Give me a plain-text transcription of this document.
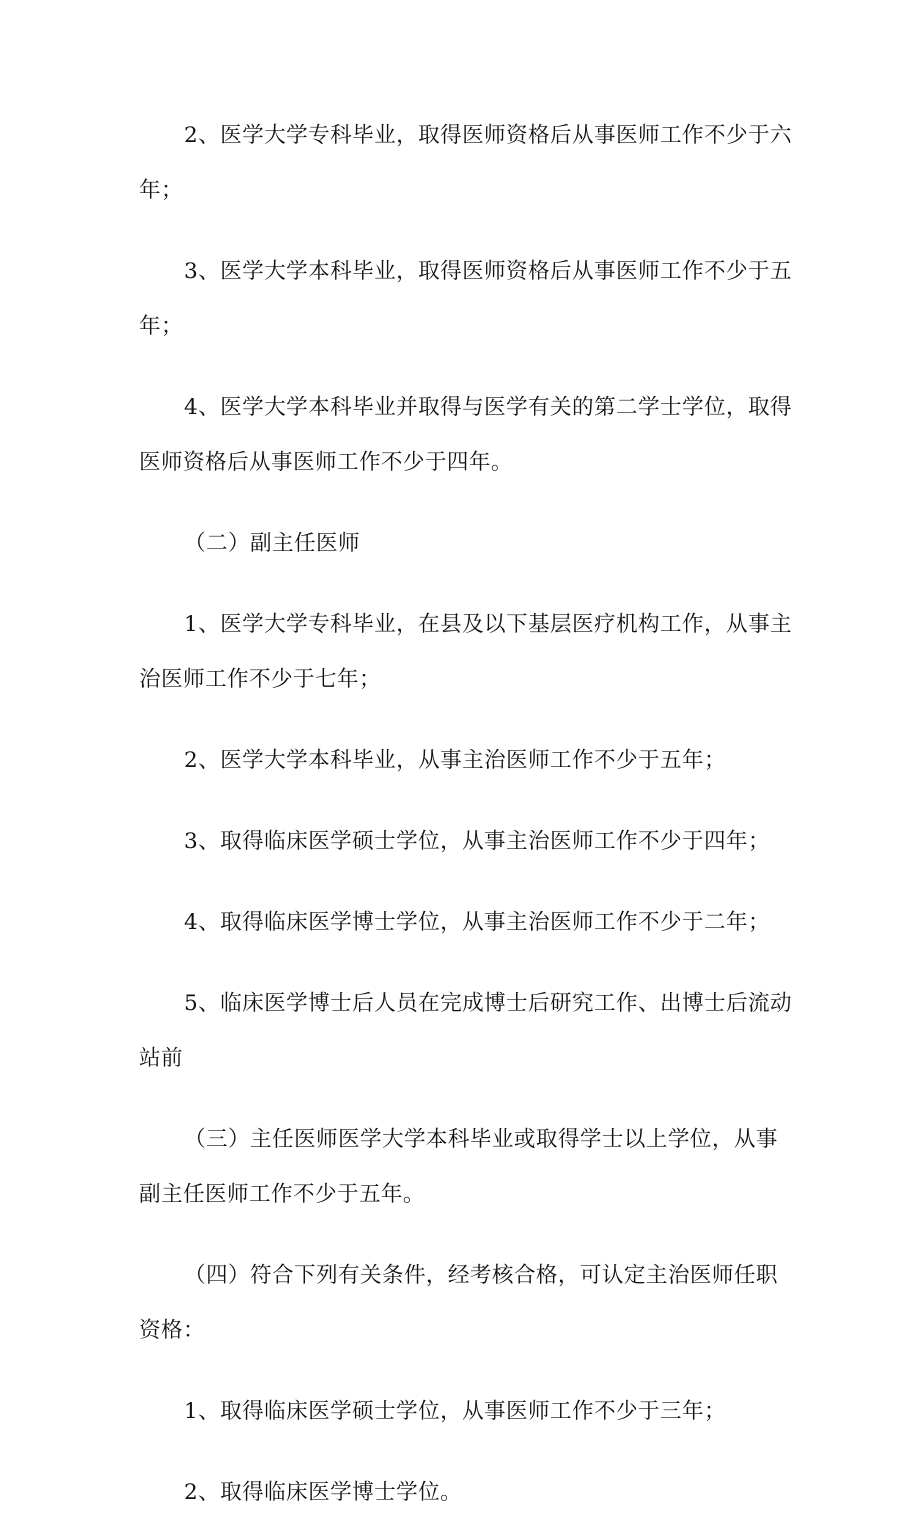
2、医学大学专科毕业，取得医师资格后从事医师工作不少于六年；

3、医学大学本科毕业，取得医师资格后从事医师工作不少于五年；

4、医学大学本科毕业并取得与医学有关的第二学士学位，取得医师资格后从事医师工作不少于四年。

（二）副主任医师

1、医学大学专科毕业，在县及以下基层医疗机构工作，从事主治医师工作不少于七年；

2、医学大学本科毕业，从事主治医师工作不少于五年；

3、取得临床医学硕士学位，从事主治医师工作不少于四年；

4、取得临床医学博士学位，从事主治医师工作不少于二年；

5、临床医学博士后人员在完成博士后研究工作、出博士后流动站前

（三）主任医师医学大学本科毕业或取得学士以上学位，从事副主任医师工作不少于五年。

（四）符合下列有关条件，经考核合格，可认定主治医师任职资格：

1、取得临床医学硕士学位，从事医师工作不少于三年；

2、取得临床医学博士学位。
